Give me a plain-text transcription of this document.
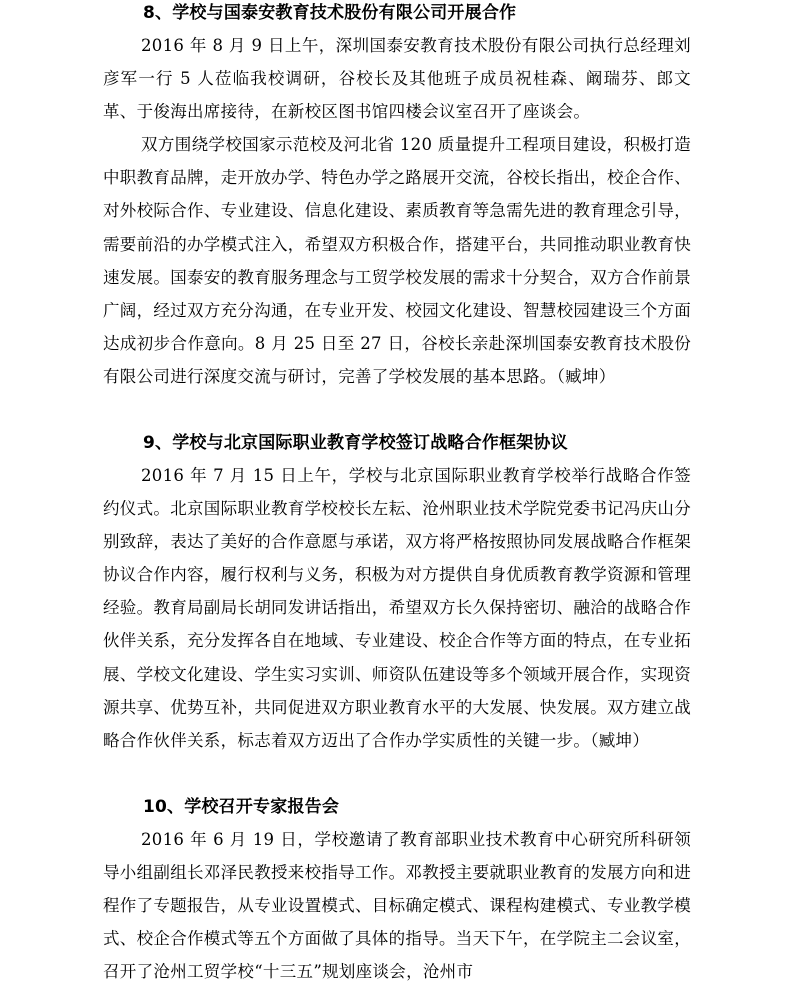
8、学校与国泰安教育技术股份有限公司开展合作

2016 年 8 月 9 日上午，深圳国泰安教育技术股份有限公司执行总经理刘彦军一行 5 人莅临我校调研，谷校长及其他班子成员祝桂森、阚瑞芬、郎文革、于俊海出席接待，在新校区图书馆四楼会议室召开了座谈会。

双方围绕学校国家示范校及河北省 120 质量提升工程项目建设，积极打造中职教育品牌，走开放办学、特色办学之路展开交流，谷校长指出，校企合作、对外校际合作、专业建设、信息化建设、素质教育等急需先进的教育理念引导，需要前沿的办学模式注入，希望双方积极合作，搭建平台，共同推动职业教育快速发展。国泰安的教育服务理念与工贸学校发展的需求十分契合，双方合作前景广阔，经过双方充分沟通，在专业开发、校园文化建设、智慧校园建设三个方面达成初步合作意向。8 月 25 日至 27 日，谷校长亲赴深圳国泰安教育技术股份有限公司进行深度交流与研讨，完善了学校发展的基本思路。（臧坤）

9、学校与北京国际职业教育学校签订战略合作框架协议

2016 年 7 月 15 日上午，学校与北京国际职业教育学校举行战略合作签约仪式。北京国际职业教育学校校长左耘、沧州职业技术学院党委书记冯庆山分别致辞，表达了美好的合作意愿与承诺，双方将严格按照协同发展战略合作框架协议合作内容，履行权利与义务，积极为对方提供自身优质教育教学资源和管理经验。教育局副局长胡同发讲话指出，希望双方长久保持密切、融洽的战略合作伙伴关系，充分发挥各自在地域、专业建设、校企合作等方面的特点，在专业拓展、学校文化建设、学生实习实训、师资队伍建设等多个领域开展合作，实现资源共享、优势互补，共同促进双方职业教育水平的大发展、快发展。双方建立战略合作伙伴关系，标志着双方迈出了合作办学实质性的关键一步。（臧坤）

10、学校召开专家报告会

2016 年 6 月 19 日，学校邀请了教育部职业技术教育中心研究所科研领导小组副组长邓泽民教授来校指导工作。邓教授主要就职业教育的发展方向和进程作了专题报告，从专业设置模式、目标确定模式、课程构建模式、专业教学模式、校企合作模式等五个方面做了具体的指导。当天下午，在学院主二会议室，召开了沧州工贸学校“十三五”规划座谈会，沧州市
